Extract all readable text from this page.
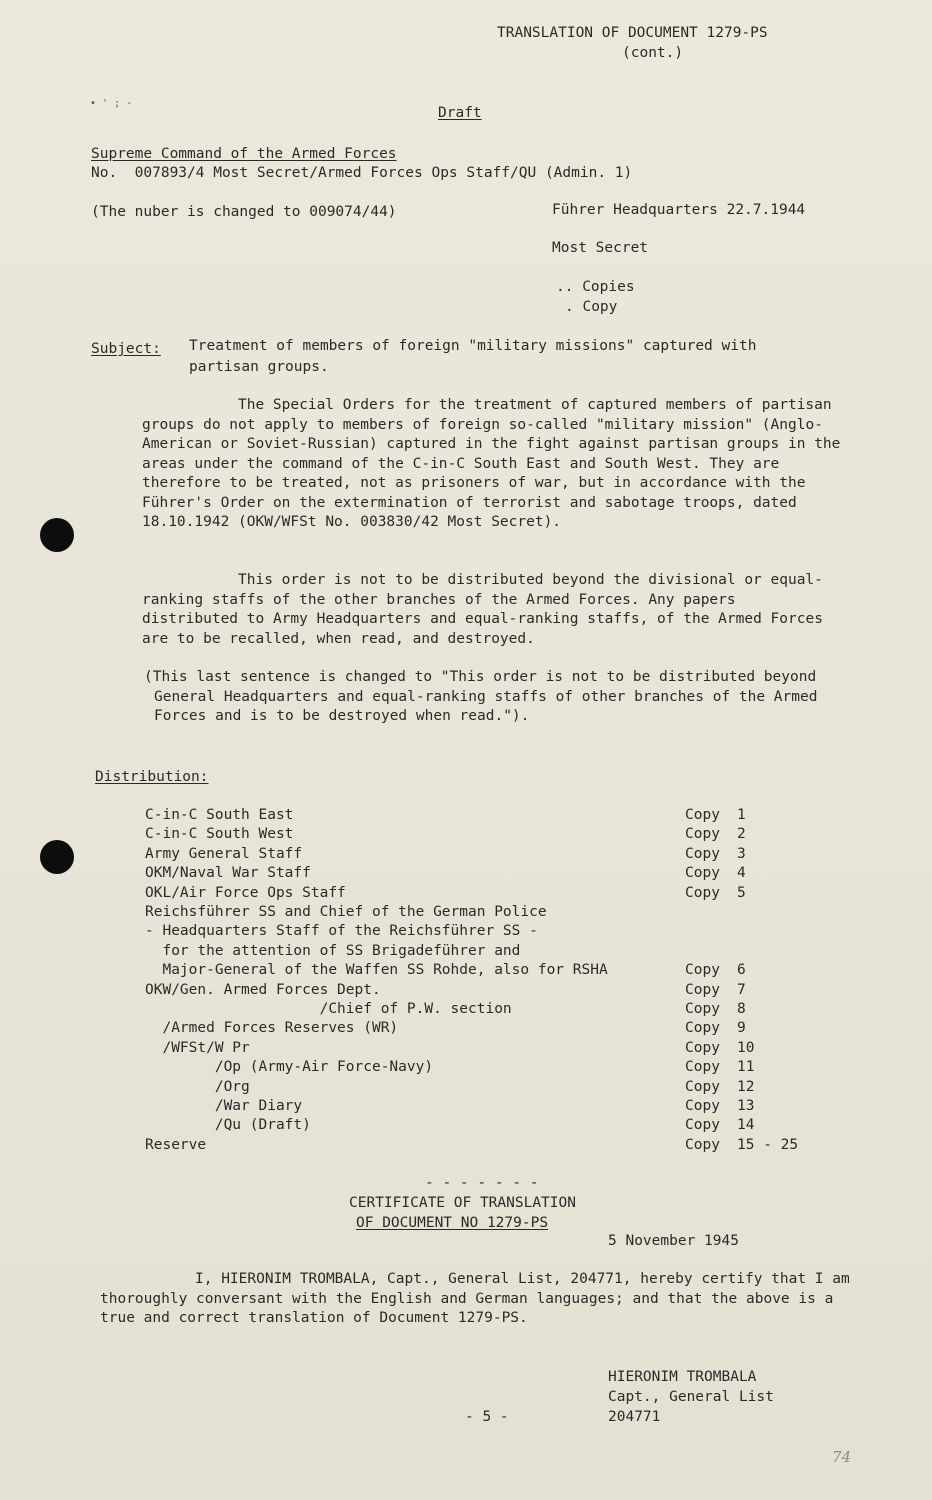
TRANSLATION OF DOCUMENT 1279-PS
(cont.)
• ' ; -
Draft
Supreme Command of the Armed Forces
No.  007893/4 Most Secret/Armed Forces Ops Staff/QU (Admin. 1)
(The nuber is changed to 009074/44)	Führer Headquarters 22.7.1944
Most Secret
.. Copies
. Copy
Subject: Treatment of members of foreign "military missions" captured with
partisan groups.
The Special Orders for the treatment of captured members of partisan groups do not apply to members of foreign so-called "military mission" (Anglo-American or Soviet-Russian) captured in the fight against partisan groups in the areas under the command of the C-in-C South East and South West. They are therefore to be treated, not as prisoners of war, but in accordance with the Führer's Order on the extermination of terrorist and sabotage troops, dated 18.10.1942 (OKW/WFSt No. 003830/42 Most Secret).
This order is not to be distributed beyond the divisional or equal-ranking staffs of the other branches of the Armed Forces. Any papers distributed to Army Headquarters and equal-ranking staffs, of the Armed Forces are to be recalled, when read, and destroyed.
(This last sentence is changed to "This order is not to be distributed beyond General Headquarters and equal-ranking staffs of other branches of the Armed Forces and is to be destroyed when read.").
Distribution:
C-in-C South East	Copy 1
C-in-C South West	Copy 2
Army General Staff	Copy 3
OKM/Naval War Staff	Copy 4
OKL/Air Force Ops Staff	Copy 5
Reichsführer SS and Chief of the German Police
- Headquarters Staff of the Reichsführer SS -
for the attention of SS Brigadeführer and
Major-General of the Waffen SS Rohde, also for RSHA	Copy 6
OKW/Gen. Armed Forces Dept.	Copy 7
/Chief of P.W. section	Copy 8
/Armed Forces Reserves (WR)	Copy 9
/WFSt/W Pr	Copy 10
/Op (Army-Air Force-Navy)	Copy 11
/Org	Copy 12
/War Diary	Copy 13
/Qu (Draft)	Copy 14
Reserve	Copy 15 - 25
- - - - - - -
CERTIFICATE OF TRANSLATION
OF DOCUMENT NO 1279-PS
5 November 1945
I, HIERONIM TROMBALA, Capt., General List, 204771, hereby certify that I am thoroughly conversant with the English and German languages; and that the above is a true and correct translation of Document 1279-PS.
HIERONIM TROMBALA
Capt., General List
204771
- 5 -
74
